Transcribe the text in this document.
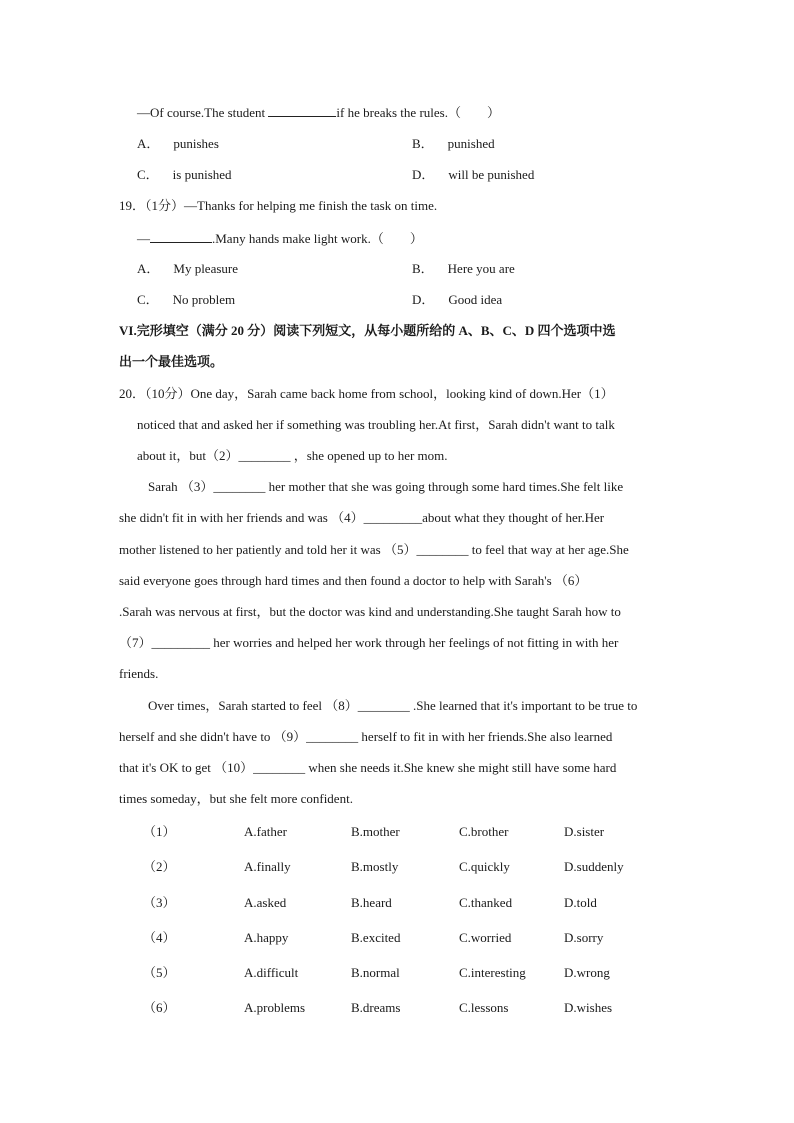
—Of course.The student	if he breaks the rules.（　　）
A． punishes	B． punished
C． is punished	D． will be punished
19．（1分）—Thanks for helping me finish the task on time.
—	.Many hands make light work.（　　）
A． My pleasure	B． Here you are
C． No problem	D． Good idea
VI.完形填空（满分 20 分）阅读下列短文，从每小题所给的 A、B、C、D 四个选项中选
出一个最佳选项。
20．（10分）One day，Sarah came back home from school，looking kind of down.Her（1）
noticed that and asked her if something was troubling her.At first，Sarah didn't want to talk
about it，but（2）________ ，she opened up to her mom.
Sarah （3）________ her mother that she was going through some hard times.She felt like
she didn't fit in with her friends and was （4）_________about what they thought of her.Her
mother listened to her patiently and told her it was （5）________ to feel that way at her age.She
said everyone goes through hard times and then found a doctor to help with Sarah's （6）
.Sarah was nervous at first，but the doctor was kind and understanding.She taught Sarah how to
（7）_________ her worries and helped her work through her feelings of not fitting in with her
friends.
Over times，Sarah started to feel （8）________ .She learned that it's important to be true to
herself and she didn't have to （9）________ herself to fit in with her friends.She also learned
that it's OK to get （10）________ when she needs it.She knew she might still have some hard
times someday，but she felt more confident.
（1）	A.father	B.mother	C.brother	D.sister
（2）	A.finally	B.mostly	C.quickly	D.suddenly
（3）	A.asked	B.heard	C.thanked	D.told
（4）	A.happy	B.excited	C.worried	D.sorry
（5）	A.difficult	B.normal	C.interesting	D.wrong
（6）	A.problems	B.dreams	C.lessons	D.wishes
